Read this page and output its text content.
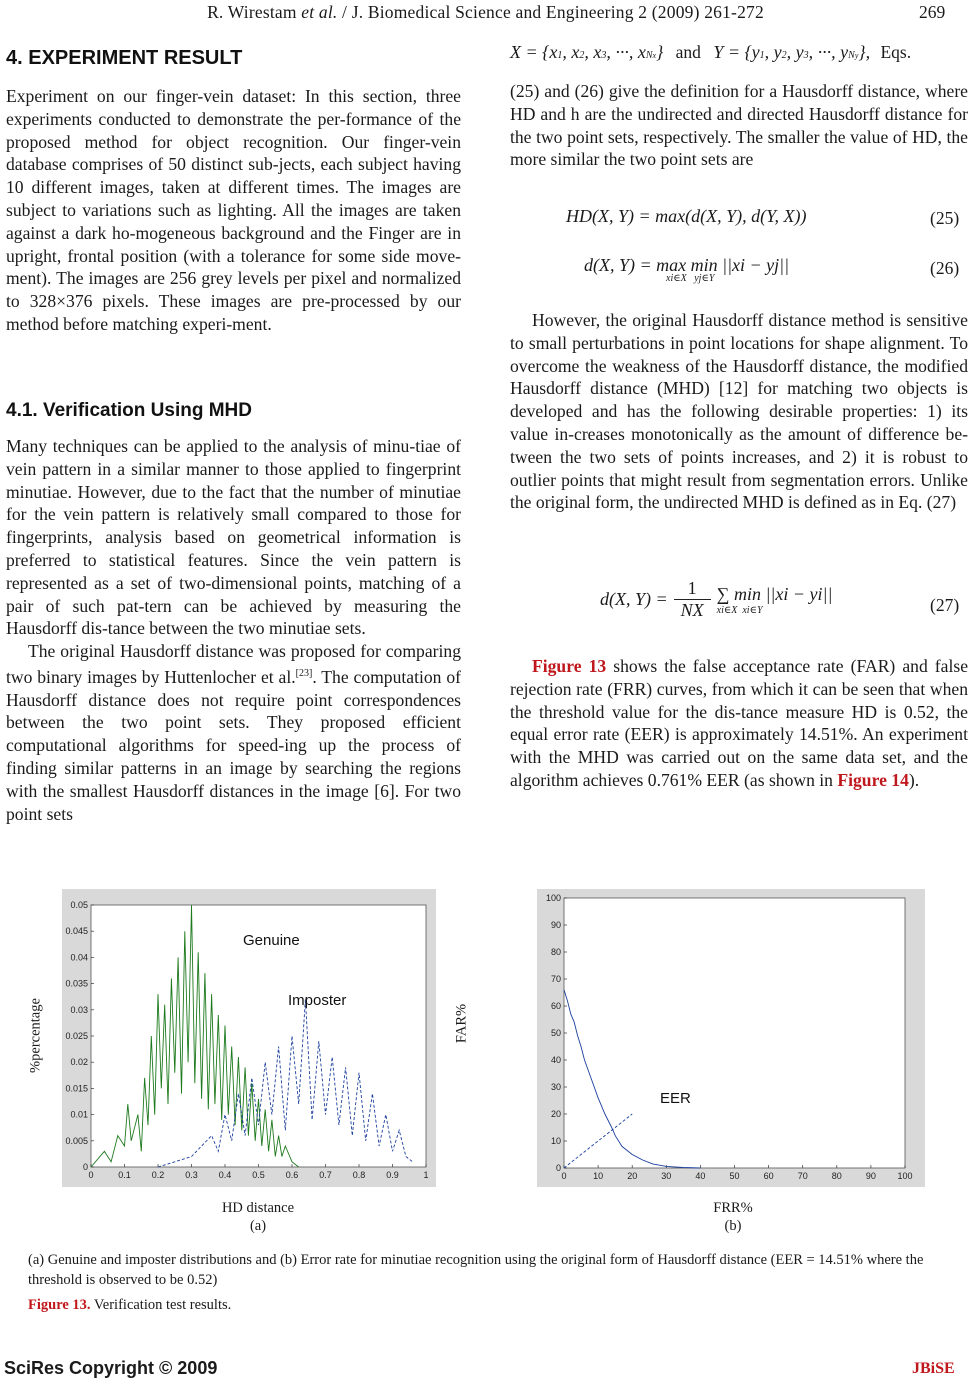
R. Wirestam et al. / J. Biomedical Science and Engineering 2 (2009) 261-272	269
4. EXPERIMENT RESULT

Experiment on our finger-vein dataset: In this section, three experiments conducted to demonstrate the per-formance of the proposed method for object recognition. Our finger-vein database comprises of 50 distinct sub-jects, each subject having 10 different images, taken at different times. The images are subject to variations such as lighting. All the images are taken against a dark ho-mogeneous background and the Finger are in upright, frontal position (with a tolerance for some side move-ment). The images are 256 grey levels per pixel and normalized to 328×376 pixels. These images are pre-processed by our method before matching experi-ment.

4.1. Verification Using MHD

Many techniques can be applied to the analysis of minu-tiae of vein pattern in a similar manner to those applied to fingerprint minutiae. However, due to the fact that the number of minutiae for the vein pattern is relatively small compared to those for fingerprints, analysis based on geometrical information is preferred to statistical features. Since the vein pattern is represented as a set of two-dimensional points, matching of a pair of such pat-tern can be achieved by measuring the Hausdorff dis-tance between the two minutiae sets.

The original Hausdorff distance was proposed for comparing two binary images by Huttenlocher et al.[23]. The computation of Hausdorff distance does not require point correspondences between the two point sets. They proposed efficient computational algorithms for speed-ing up the process of finding similar patterns in an image by searching the regions with the smallest Hausdorff distances in the image [6]. For two point sets

X = {x1, x2, x3, ···, xNx} and Y = {y1, y2, y3, ···, yNy}, Eqs.
(25) and (26) give the definition for a Hausdorff distance, where HD and h are the undirected and directed Hausdorff distance for the two point sets, respectively. The smaller the value of HD, the more similar the two point sets are
HD(X, Y) = max(d(X, Y), d(Y, X))	(25)
d(X, Y) = max min ||xi − yj||
xi∈X   yj∈Y
(26)
However, the original Hausdorff distance method is sensitive to small perturbations in point locations for shape alignment. To overcome the weakness of the Hausdorff distance, the modified Hausdorff distance (MHD) [12] for matching two objects is developed and has the following desirable properties: 1) its value in-creases monotonically as the amount of difference be-tween the two sets of points increases, and 2) it is robust to outlier points that might result from segmentation errors. Unlike the original form, the undirected MHD is defined as in Eq. (27)
d(X, $Y) = \frac{1}{NX}$ ∑ min ||xi − yi||
xi∈X  xi∈Y	(27)
Figure 13 shows the false acceptance rate (FAR) and false rejection rate (FRR) curves, from which it can be seen that when the threshold value for the dis-tance measure HD is 0.52, the equal error rate (EER) is approximately 14.51%. An experiment with the MHD was carried out on the same data set, and the algorithm achieves 0.761% EER (as shown in Figure 14).
%percentage
0	0.1 0.2 0.3 0.4 0.5 0.6 0.7 0.8 0.9	1
0
0.005
0.01
0.015
0.02
0.025
0.03
0.035
0.04
0.045
0.05
Genuine
Imposter
HD distance
(a)
FAR%
0	10	20	30	40	50	60	70	80	90 100
0
10
20
30
40
50
60
70
80
90
100
EER
FRR%
(b)
(a) Genuine and imposter distributions and (b) Error rate for minutiae recognition using the original form of Hausdorff distance (EER = 14.51% where the threshold is observed to be 0.52)
Figure 13. Verification test results.
SciRes Copyright © 2009	JBiSE
